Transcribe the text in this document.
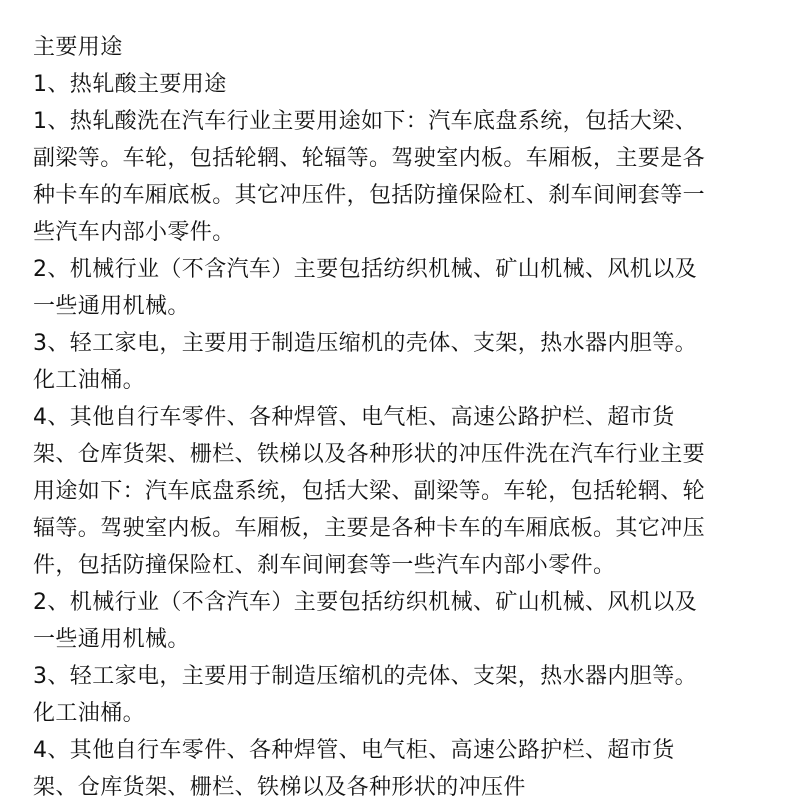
主要用途

1、热轧酸主要用途

1、热轧酸洗在汽车行业主要用途如下：汽车底盘系统，包括大梁、
副梁等。车轮，包括轮辋、轮辐等。驾驶室内板。车厢板，主要是各
种卡车的车厢底板。其它冲压件，包括防撞保险杠、刹车间闸套等一
些汽车内部小零件。

2、机械行业（不含汽车）主要包括纺织机械、矿山机械、风机以及
一些通用机械。

3、轻工家电，主要用于制造压缩机的壳体、支架，热水器内胆等。
化工油桶。

4、其他自行车零件、各种焊管、电气柜、高速公路护栏、超市货
架、仓库货架、栅栏、铁梯以及各种形状的冲压件洗在汽车行业主要
用途如下：汽车底盘系统，包括大梁、副梁等。车轮，包括轮辋、轮
辐等。驾驶室内板。车厢板，主要是各种卡车的车厢底板。其它冲压
件，包括防撞保险杠、刹车间闸套等一些汽车内部小零件。

2、机械行业（不含汽车）主要包括纺织机械、矿山机械、风机以及
一些通用机械。

3、轻工家电，主要用于制造压缩机的壳体、支架，热水器内胆等。
化工油桶。

4、其他自行车零件、各种焊管、电气柜、高速公路护栏、超市货
架、仓库货架、栅栏、铁梯以及各种形状的冲压件
